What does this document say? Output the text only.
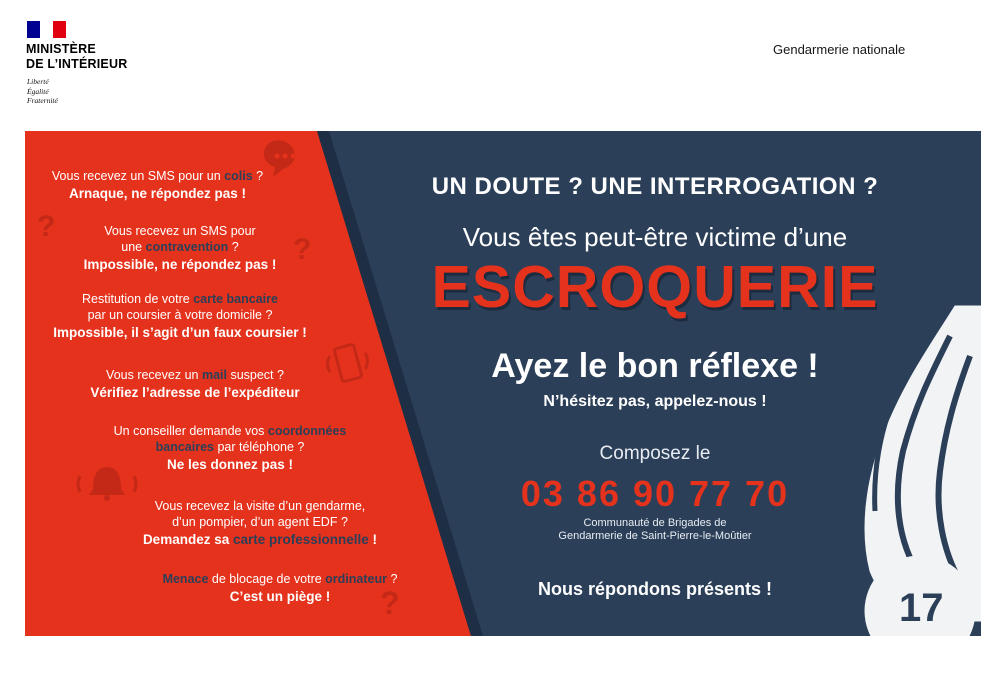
MINISTÈRE
DE L’INTÉRIEUR
Liberté
Égalité
Fraternité
Gendarmerie nationale
?
?
?
Vous recevez un SMS pour un colis ?
Arnaque, ne répondez pas !
Vous recevez un SMS pour
une contravention ?
Impossible, ne répondez pas !
Restitution de votre carte bancaire
par un coursier à votre domicile ?
Impossible, il s’agit d’un faux coursier !
Vous recevez un mail suspect ?
Vérifiez l’adresse de l’expéditeur
Un conseiller demande vos coordonnées
bancaires par téléphone ?
Ne les donnez pas !
Vous recevez la visite d’un gendarme,
d’un pompier, d’un agent EDF ?
Demandez sa carte professionnelle !
Menace de blocage de votre ordinateur ?
C’est un piège !
UN DOUTE ? UNE INTERROGATION ?
Vous êtes peut-être victime d’une
ESCROQUERIE
Ayez le bon réflexe !
N’hésitez pas, appelez-nous !
Composez le
03 86 90 77 70
Communauté de Brigades de
Gendarmerie de Saint-Pierre-le-Moûtier
Nous répondons présents !	17
